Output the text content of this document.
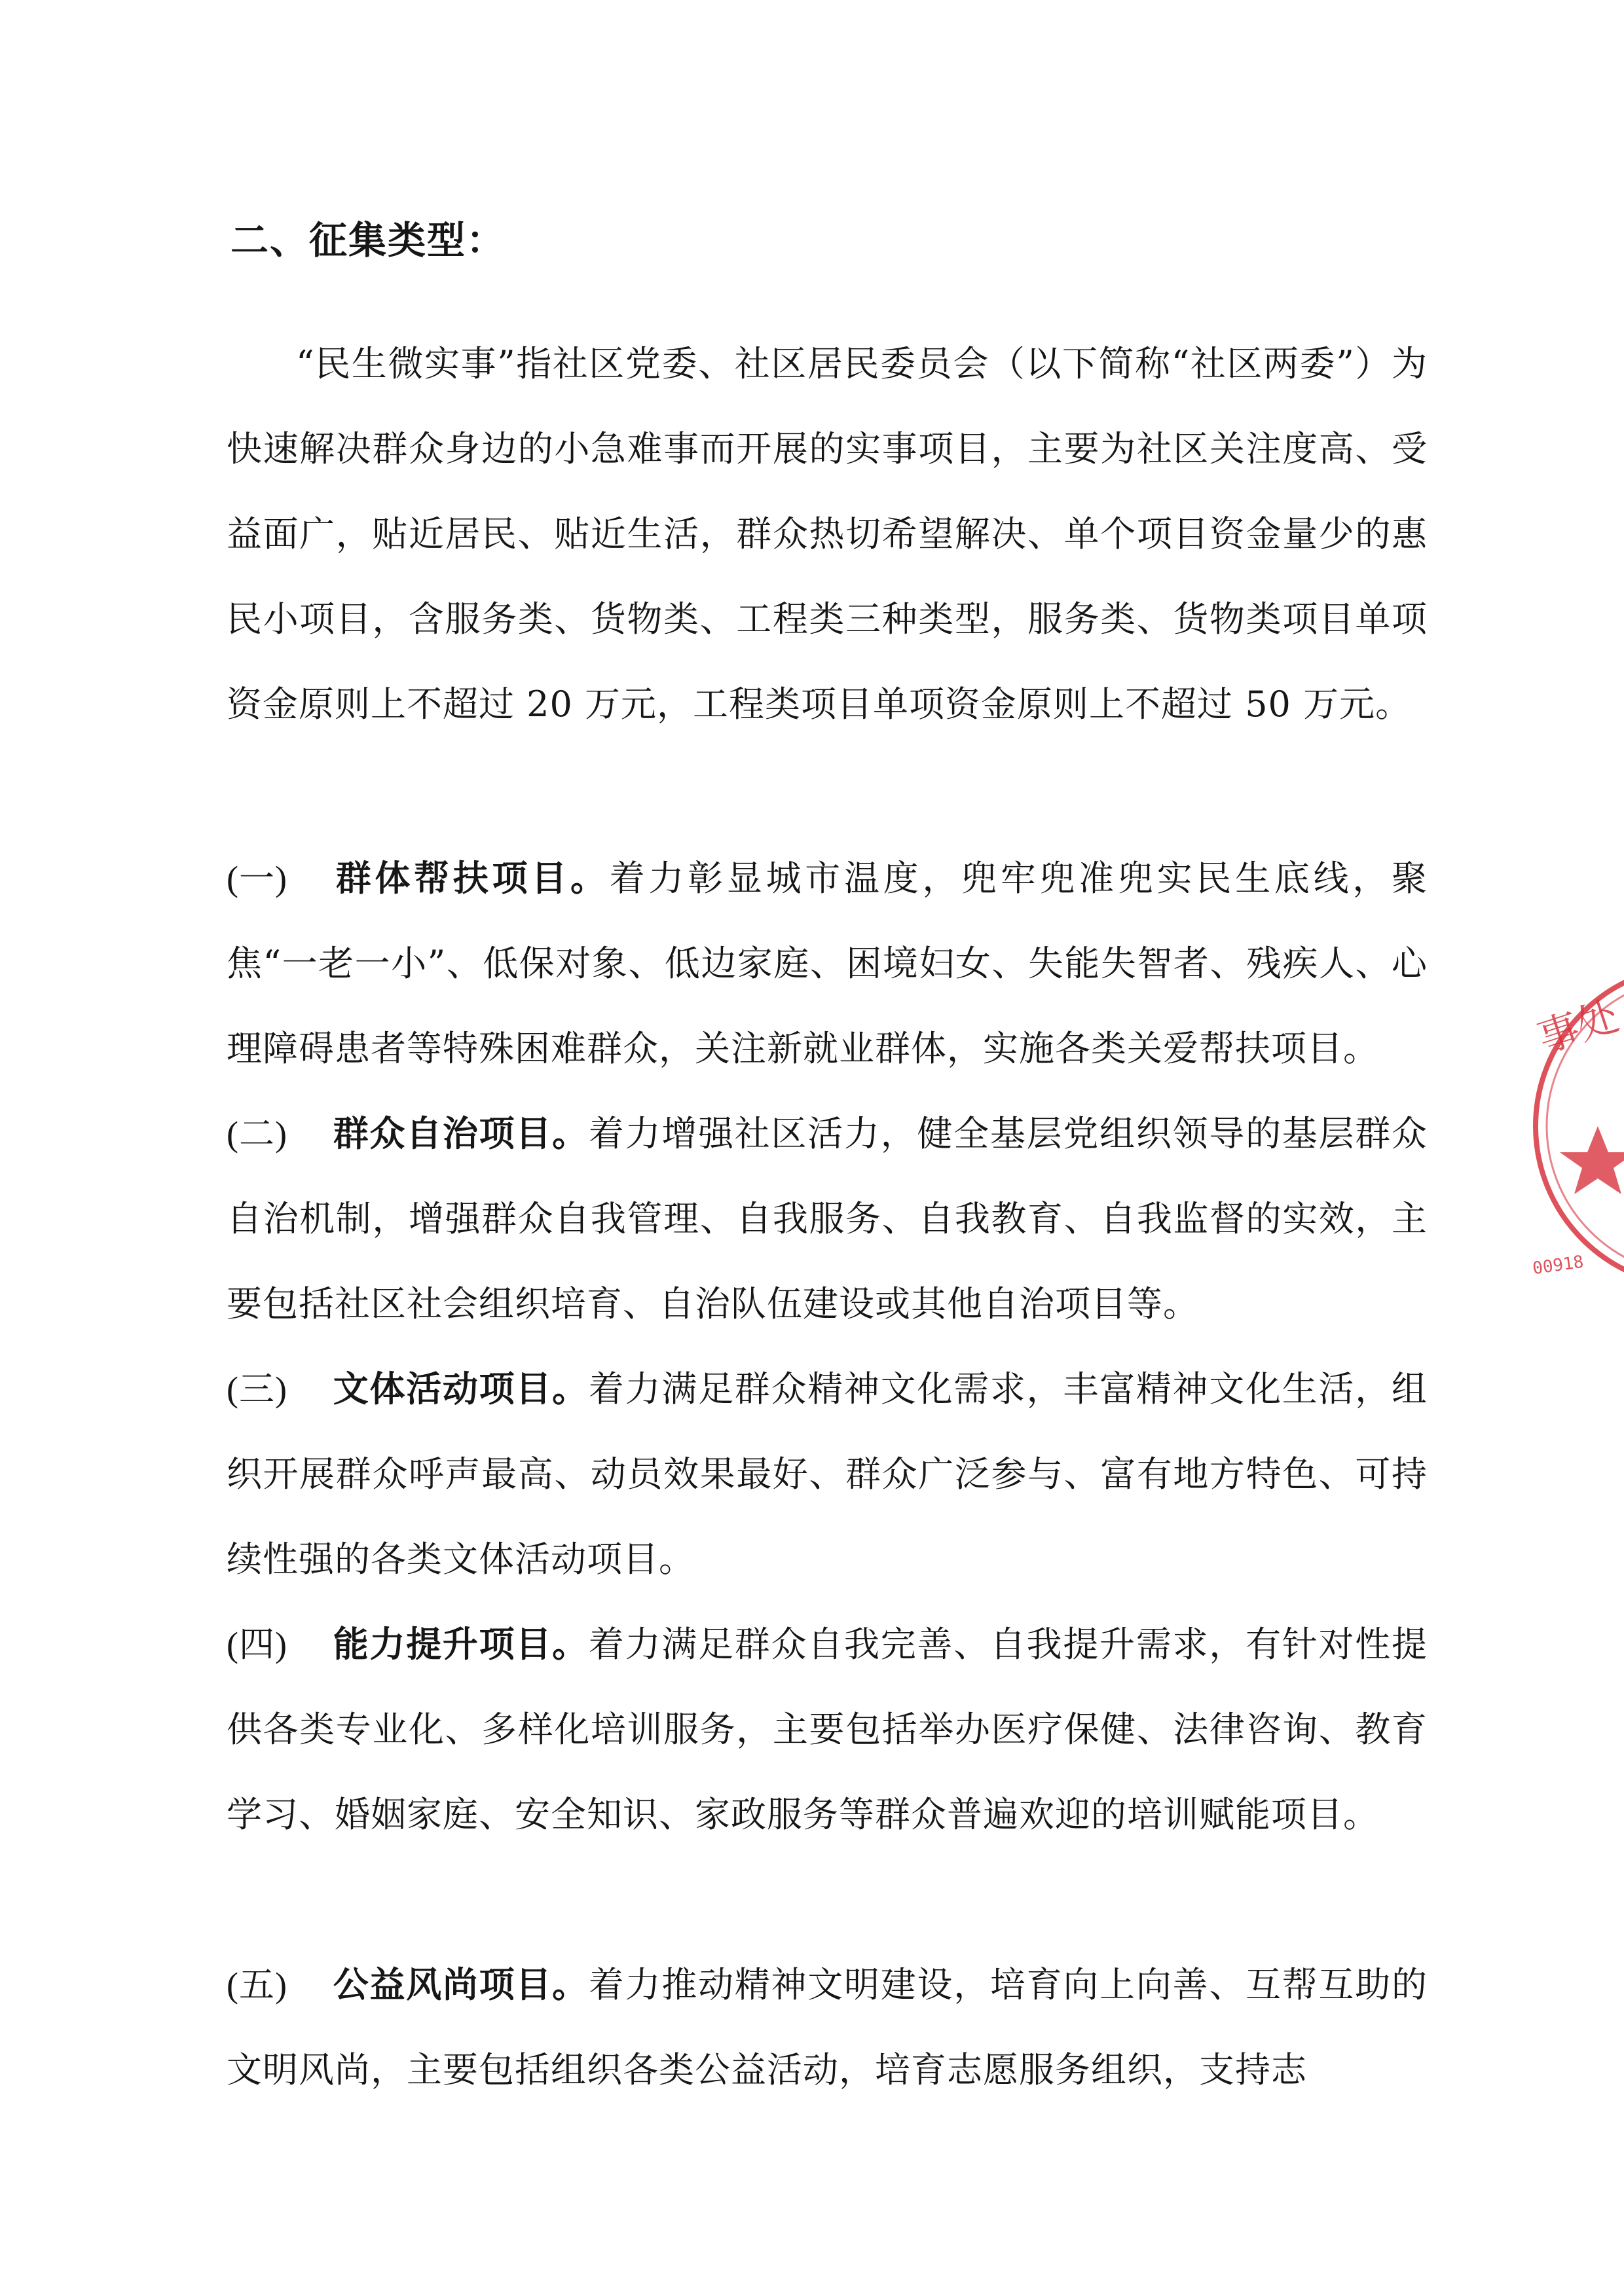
二、征集类型：

“民生微实事”指社区党委、社区居民委员会（以下简称“社区两委”）为快速解决群众身边的小急难事而开展的实事项目，主要为社区关注度高、受益面广，贴近居民、贴近生活，群众热切希望解决、单个项目资金量少的惠民小项目，含服务类、货物类、工程类三种类型，服务类、货物类项目单项资金原则上不超过 20 万元，工程类项目单项资金原则上不超过 50 万元。

(一) 群体帮扶项目。着力彰显城市温度，兜牢兜准兜实民生底线，聚焦“一老一小”、低保对象、低边家庭、困境妇女、失能失智者、残疾人、心理障碍患者等特殊困难群众，关注新就业群体，实施各类关爱帮扶项目。

(二) 群众自治项目。着力增强社区活力，健全基层党组织领导的基层群众自治机制，增强群众自我管理、自我服务、自我教育、自我监督的实效，主要包括社区社会组织培育、自治队伍建设或其他自治项目等。

(三) 文体活动项目。着力满足群众精神文化需求，丰富精神文化生活，组织开展群众呼声最高、动员效果最好、群众广泛参与、富有地方特色、可持续性强的各类文体活动项目。

(四) 能力提升项目。着力满足群众自我完善、自我提升需求，有针对性提供各类专业化、多样化培训服务，主要包括举办医疗保健、法律咨询、教育学习、婚姻家庭、安全知识、家政服务等群众普遍欢迎的培训赋能项目。

(五) 公益风尚项目。着力推动精神文明建设，培育向上向善、互帮互助的文明风尚，主要包括组织各类公益活动，培育志愿服务组织，支持志

事处
00918
